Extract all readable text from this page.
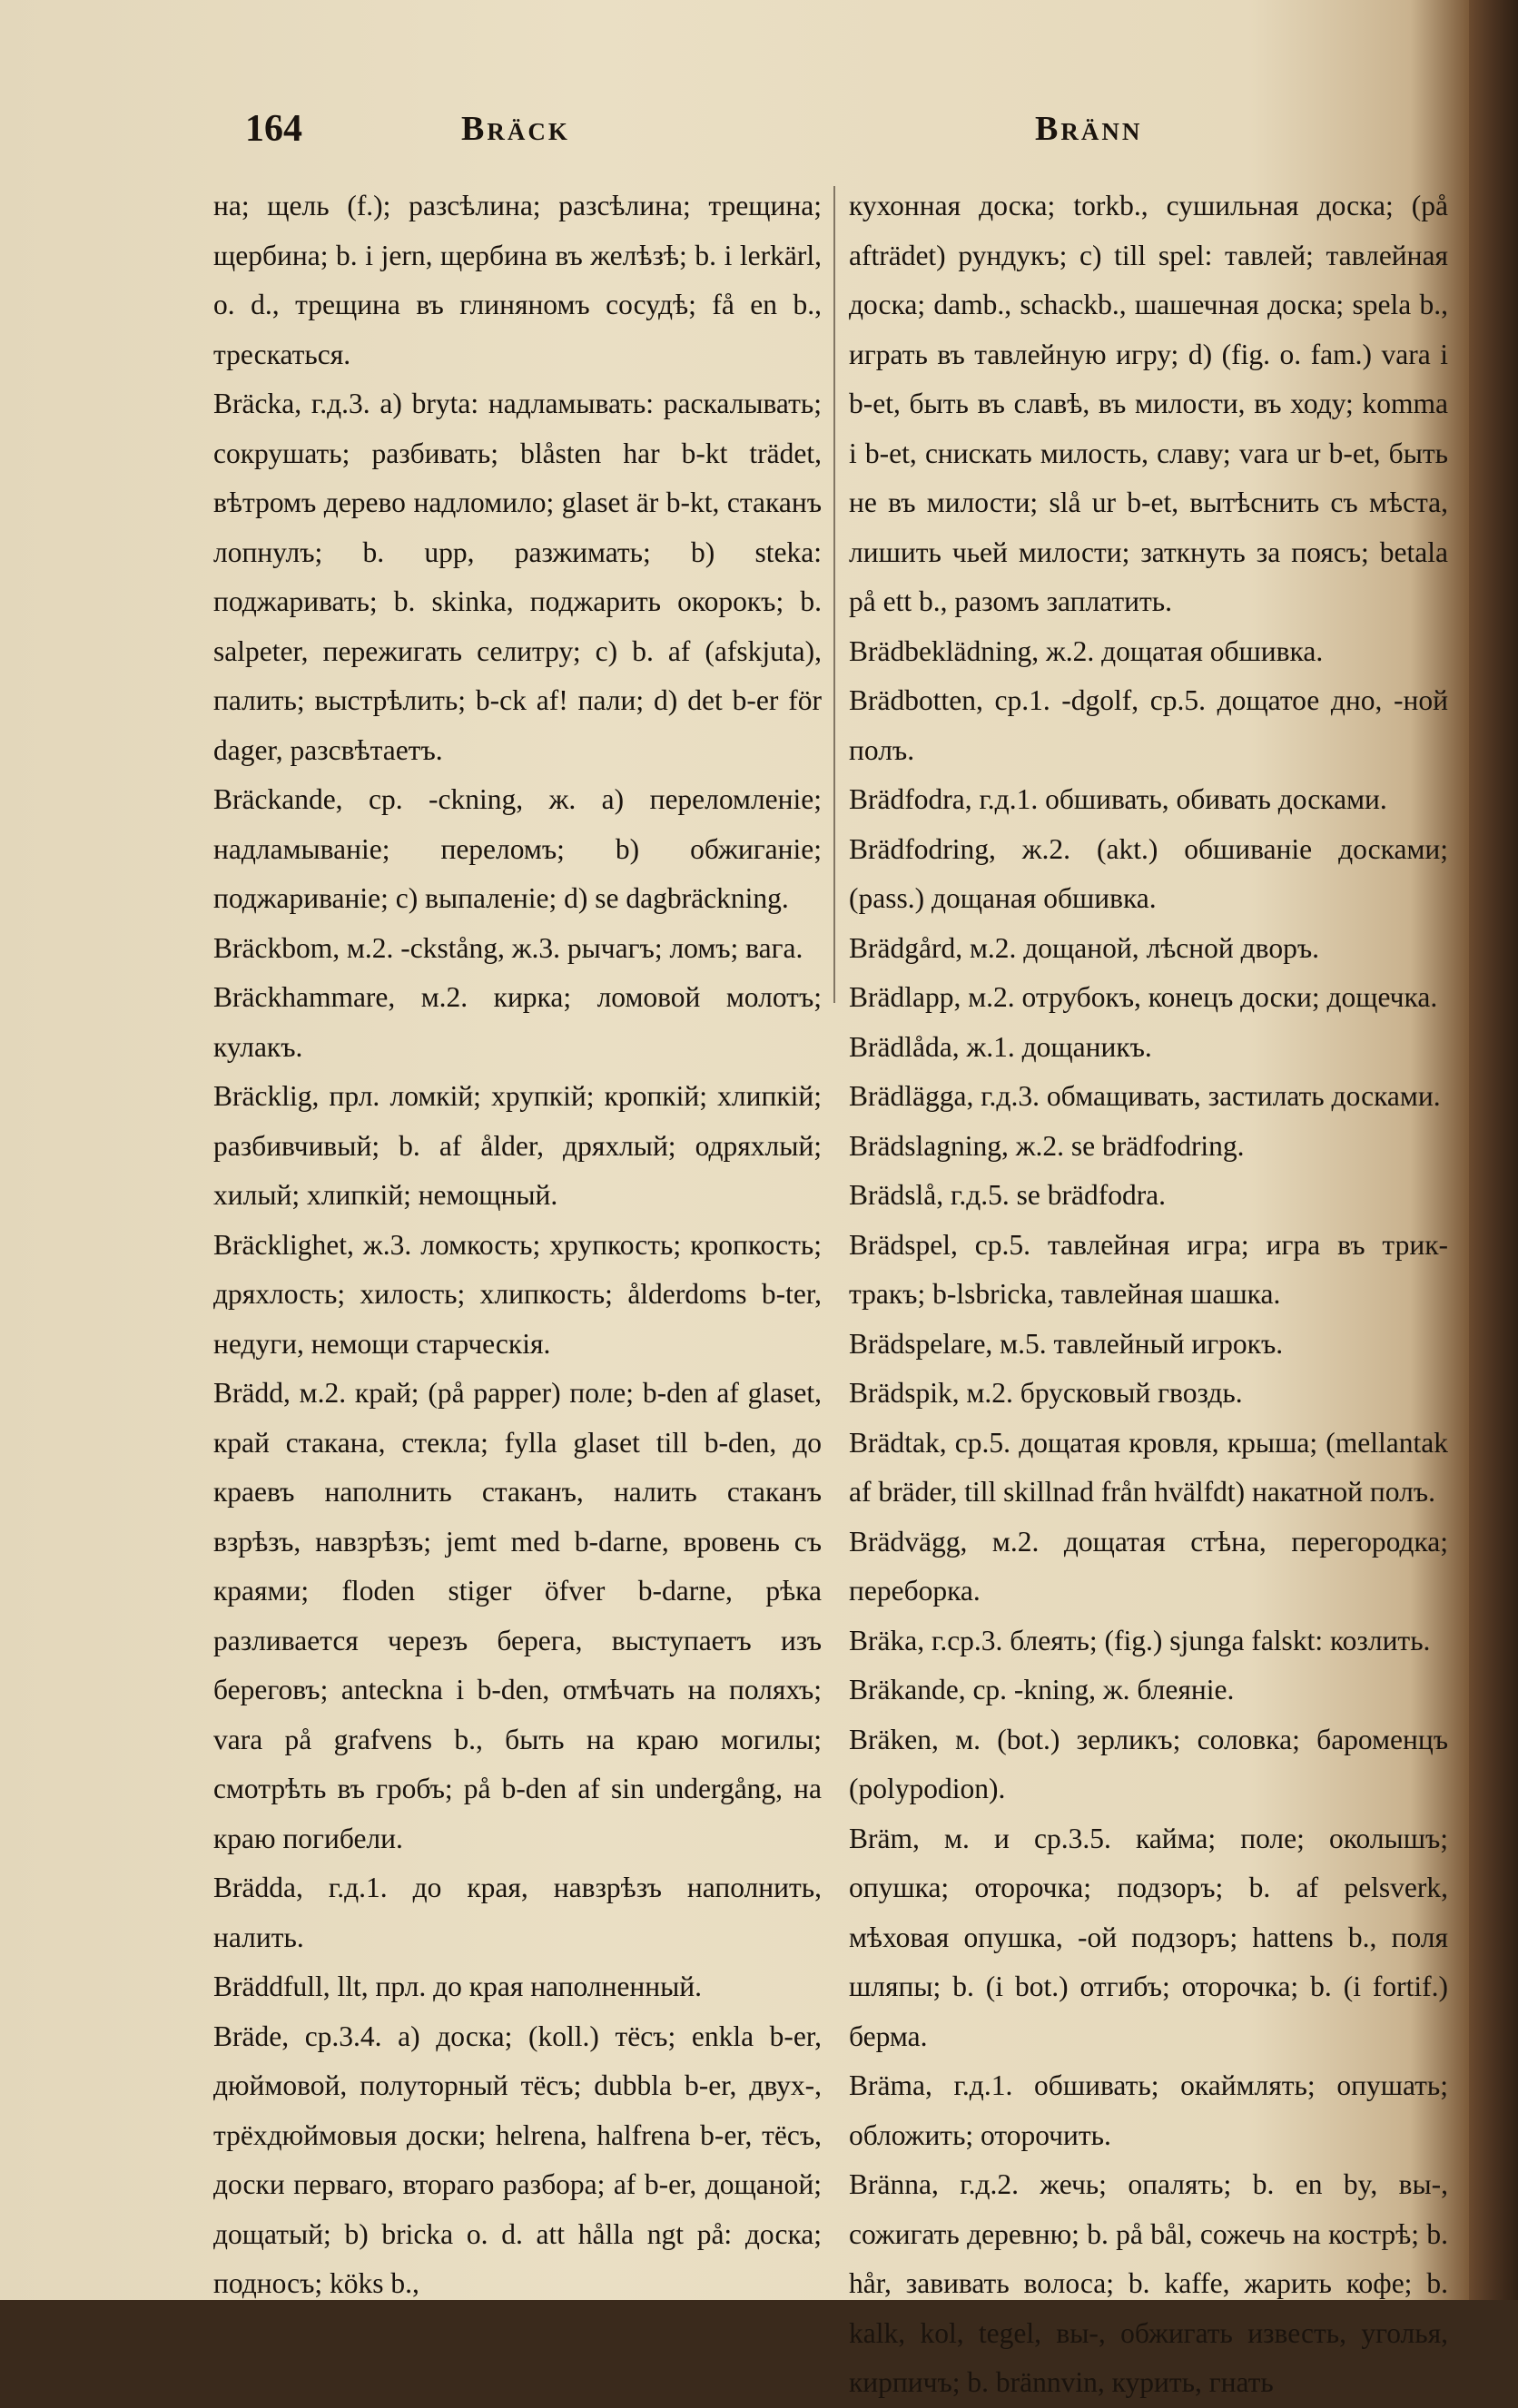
164	Bräck	Bränn

на; щель (f.); разсѣлина; разсѣлина; трещина; щербина; b. i jern, щербина въ желѣзѣ; b. i lerkärl, o. d., трещина въ глиняномъ сосудѣ; få en b., трескаться.

Bräcka, г.д.3. a) bryta: надламывать: раскалывать; сокрушать; разбивать; blåsten har b-kt trädet, вѣтромъ дерево надломило; glaset är b-kt, стаканъ лопнулъ; b. upp, разжимать; b) steka: поджаривать; b. skinka, поджарить окорокъ; b. salpeter, пережигать селитру; c) b. af (afskjuta), палить; выстрѣлить; b-ck af! пали; d) det b-er för dager, разсвѣтаетъ.

Bräckande, ср. -ckning, ж. a) переломленіе; надламываніе; переломъ; b) обжиганіе; поджариваніе; c) выпаленіе; d) se dagbräckning.

Bräckbom, м.2. -ckstång, ж.3. рычагъ; ломъ; вага.

Bräckhammare, м.2. кирка; ломовой молотъ; кулакъ.

Bräcklig, прл. ломкій; хрупкій; кропкій; хлипкій; разбивчивый; b. af ålder, дряхлый; одряхлый; хилый; хлипкій; немощный.

Bräcklighet, ж.3. ломкость; хрупкость; кропкость; дряхлость; хилость; хлипкость; ålderdoms b-ter, недуги, немощи старческія.

Brädd, м.2. край; (på papper) поле; b-den af glaset, край стакана, стекла; fylla glaset till b-den, до краевъ наполнить стаканъ, налить стаканъ взрѣзъ, навзрѣзъ; jemt med b-darne, вровень съ краями; floden stiger öfver b-darne, рѣка разливается черезъ берега, выступаетъ изъ береговъ; anteckna i b-den, отмѣчать на поляхъ; vara på grafvens b., быть на краю могилы; смотрѣть въ гробъ; på b-den af sin undergång, на краю погибели.

Brädda, г.д.1. до края, навзрѣзъ наполнить, налить.

Bräddfull, llt, прл. до края наполненный.

Bräde, ср.3.4. a) доска; (koll.) тёсъ; enkla b-er, дюймовой, полуторный тёсъ; dubbla b-er, двух-, трёхдюймовыя доски; helrena, halfrena b-er, тёсъ, доски перваго, втораго разбора; af b-er, дощаной; дощатый; b) bricka o. d. att hålla ngt på: доска; подносъ; köks b.,

кухонная доска; torkb., сушильная доска; (på afträdet) рундукъ; c) till spel: тавлей; тавлейная доска; damb., schackb., шашечная доска; spela b., играть въ тавлейную игру; d) (fig. o. fam.) vara i b-et, быть въ славѣ, въ милости, въ ходу; komma i b-et, снискать милость, славу; vara ur b-et, быть не въ милости; slå ur b-et, вытѣснить съ мѣста, лишить чьей милости; заткнуть за поясъ; betala på ett b., разомъ заплатить.

Brädbeklädning, ж.2. дощатая обшивка.

Brädbotten, ср.1. -dgolf, ср.5. дощатое дно, -ной полъ.

Brädfodra, г.д.1. обшивать, обивать досками.

Brädfodring, ж.2. (akt.) обшиваніе досками; (pass.) дощаная обшивка.

Brädgård, м.2. дощаной, лѣсной дворъ.

Brädlapp, м.2. отрубокъ, конецъ доски; дощечка.

Brädlåda, ж.1. дощаникъ.

Brädlägga, г.д.3. обмащивать, застилать досками.

Brädslagning, ж.2. se brädfodring.

Brädslå, г.д.5. se brädfodra.

Brädspel, ср.5. тавлейная игра; игра въ триктракъ; b-lsbricka, тавлейная шашка.

Brädspelare, м.5. тавлейный игрокъ.

Brädspik, м.2. брусковый гвоздь.

Brädtak, ср.5. дощатая кровля, крыша; (mellantak af bräder, till skillnad från hvälfdt) накатной полъ.

Brädvägg, м.2. дощатая стѣна, перегородка; переборка.

Bräka, г.ср.3. блеять; (fig.) sjunga falskt: козлить.

Bräkande, ср. -kning, ж. блеяніе.

Bräken, м. (bot.) зерликъ; соловка; бароменцъ (polypodion).

Bräm, м. и ср.3.5. кайма; поле; околышъ; опушка; оторочка; подзоръ; b. af pelsverk, мѣховая опушка, -ой подзоръ; hattens b., поля шляпы; b. (i bot.) отгибъ; оторочка; b. (i fortif.) берма.

Bräma, г.д.1. обшивать; окаймлять; опушать; обложить; оторочить.

Bränna, г.д.2. жечь; опалять; b. en by, вы-, сожигать деревню; b. på bål, сожечь на кострѣ; b. hår, завивать волоса; b. kaffe, жарить кофе; b. kalk, kol, tegel, вы-, обжигать известь, уголья, кирпичъ; b. brännvin, курить, гнать
